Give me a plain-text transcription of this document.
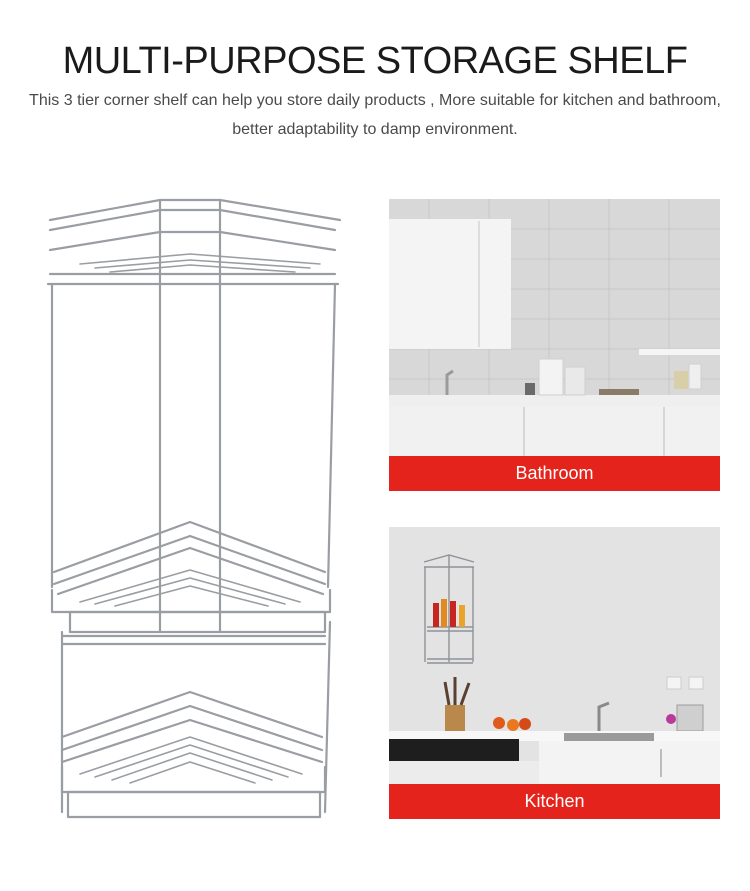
MULTI-PURPOSE STORAGE SHELF

This 3 tier corner shelf can help you store daily products , More suitable for kitchen and bathroom, better adaptability to damp environment.

Bathroom
Kitchen
